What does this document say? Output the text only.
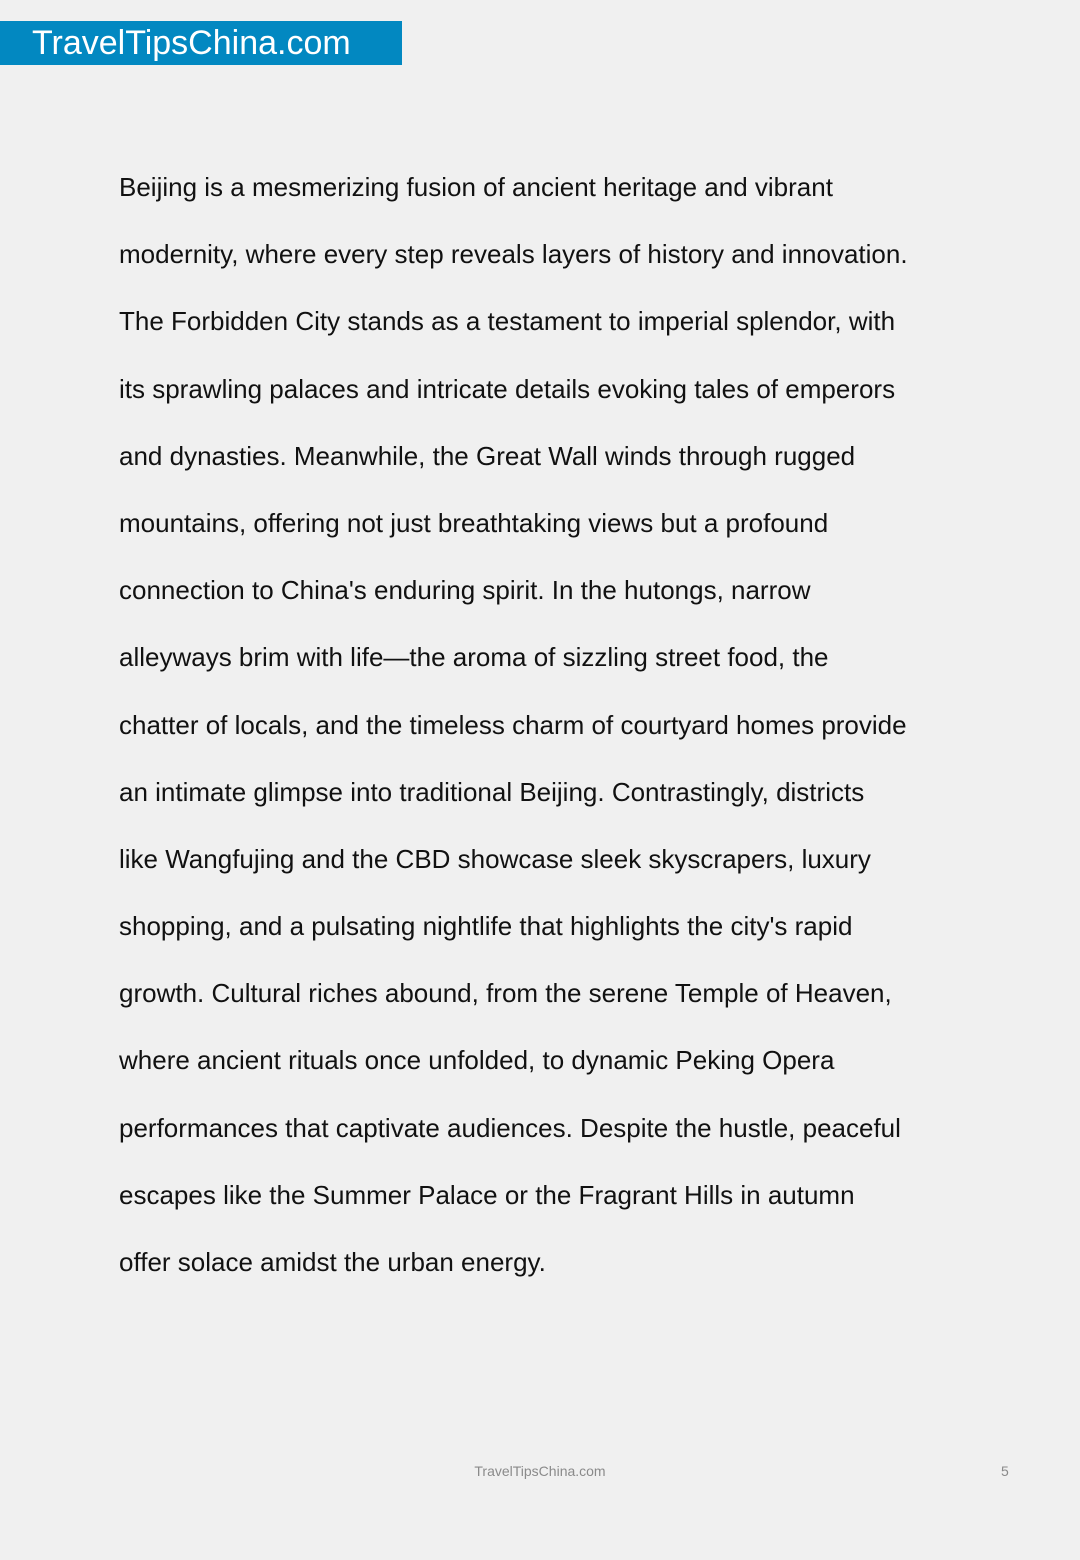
TravelTipsChina.com
Beijing is a mesmerizing fusion of ancient heritage and vibrant
modernity, where every step reveals layers of history and innovation.
The Forbidden City stands as a testament to imperial splendor, with
its sprawling palaces and intricate details evoking tales of emperors
and dynasties. Meanwhile, the Great Wall winds through rugged
mountains, offering not just breathtaking views but a profound
connection to China's enduring spirit. In the hutongs, narrow
alleyways brim with life—the aroma of sizzling street food, the
chatter of locals, and the timeless charm of courtyard homes provide
an intimate glimpse into traditional Beijing. Contrastingly, districts
like Wangfujing and the CBD showcase sleek skyscrapers, luxury
shopping, and a pulsating nightlife that highlights the city's rapid
growth. Cultural riches abound, from the serene Temple of Heaven,
where ancient rituals once unfolded, to dynamic Peking Opera
performances that captivate audiences. Despite the hustle, peaceful
escapes like the Summer Palace or the Fragrant Hills in autumn
offer solace amidst the urban energy.
TravelTipsChina.com	5
